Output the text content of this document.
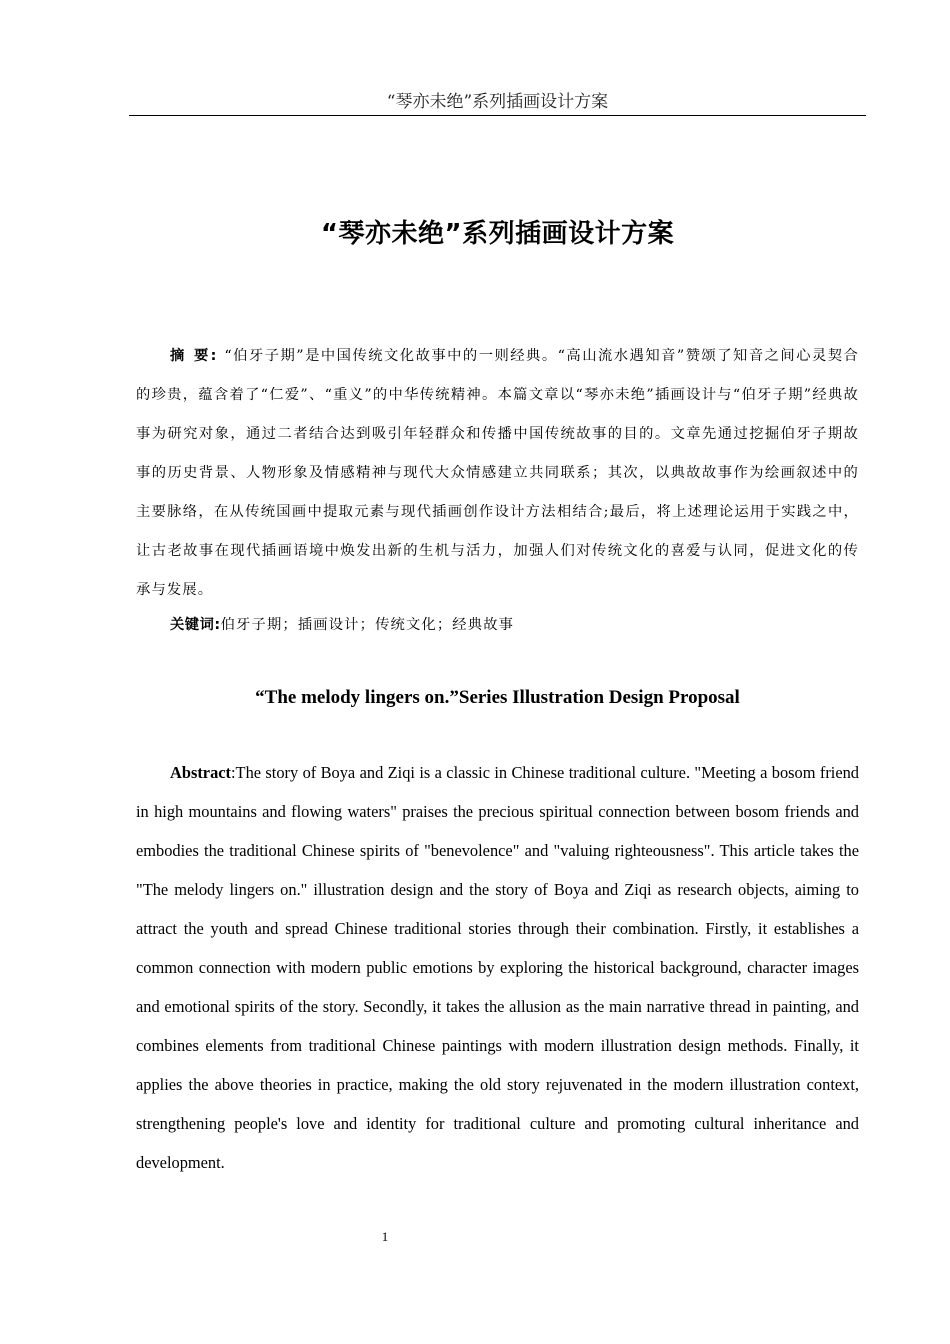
“琴亦未绝”系列插画设计方案
“琴亦未绝”系列插画设计方案

摘 要: “伯牙子期”是中国传统文化故事中的一则经典。“高山流水遇知音”赞颂了知音之间心灵契合的珍贵，蕴含着了“仁爱”、“重义”的中华传统精神。本篇文章以“琴亦未绝”插画设计与“伯牙子期”经典故事为研究对象，通过二者结合达到吸引年轻群众和传播中国传统故事的目的。文章先通过挖掘伯牙子期故事的历史背景、人物形象及情感精神与现代大众情感建立共同联系；其次，以典故故事作为绘画叙述中的主要脉络，在从传统国画中提取元素与现代插画创作设计方法相结合;最后，将上述理论运用于实践之中，让古老故事在现代插画语境中焕发出新的生机与活力，加强人们对传统文化的喜爱与认同，促进文化的传承与发展。

关键词:伯牙子期；插画设计；传统文化；经典故事

“The melody lingers on.”Series Illustration Design Proposal

Abstract:The story of Boya and Ziqi is a classic in Chinese traditional culture. "Meeting a bosom friend in high mountains and flowing waters" praises the precious spiritual connection between bosom friends and embodies the traditional Chinese spirits of "benevolence" and "valuing righteousness". This article takes the "The melody lingers on." illustration design and the story of Boya and Ziqi as research objects, aiming to attract the youth and spread Chinese traditional stories through their combination. Firstly, it establishes a common connection with modern public emotions by exploring the historical background, character images and emotional spirits of the story. Secondly, it takes the allusion as the main narrative thread in painting, and combines elements from traditional Chinese paintings with modern illustration design methods. Finally, it applies the above theories in practice, making the old story rejuvenated in the modern illustration context, strengthening people's love and identity for traditional culture and promoting cultural inheritance and development.

1
